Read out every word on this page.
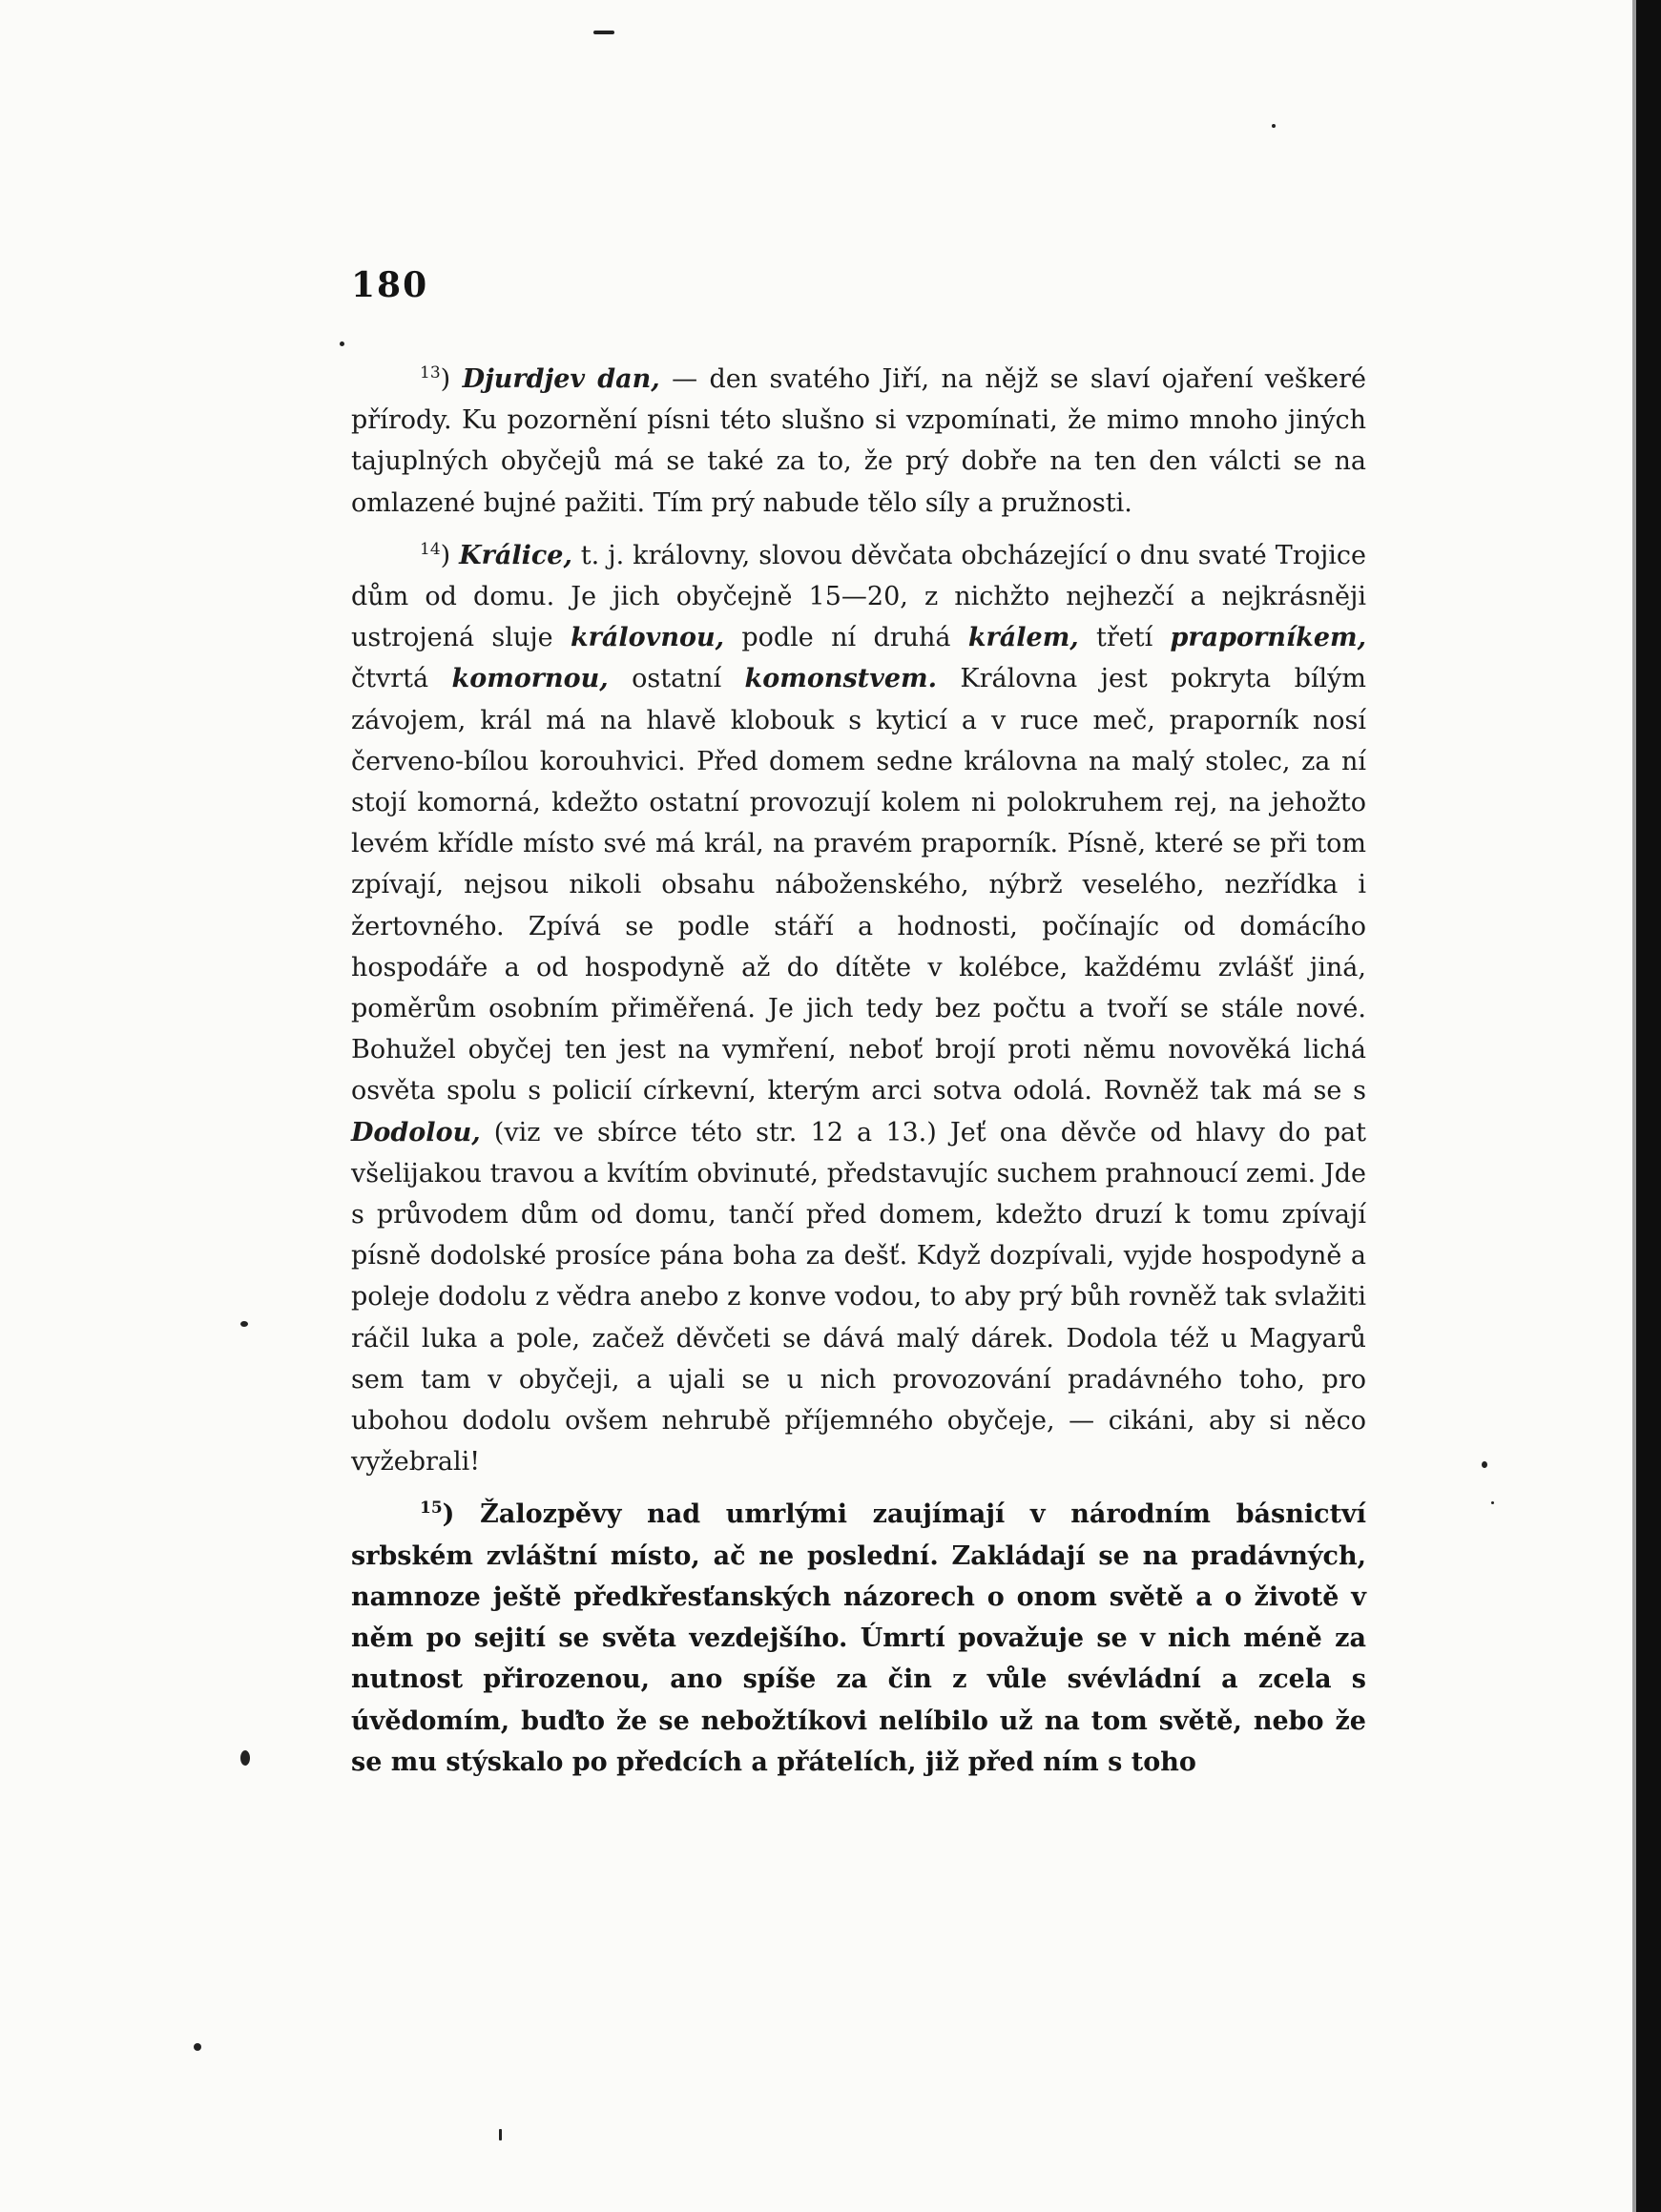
180

$^{13}$) Djurdjev dan, — den svatého Jiří, na nějž se slaví ojaření veškeré přírody. Ku pozornění písni této slušno si vzpomínati, že mimo mnoho jiných tajuplných obyčejů má se také za to, že prý dobře na ten den válcti se na omlazené bujné pažiti. Tím prý nabude tělo síly a pružnosti.

$^{14}$) Králice, t. j. královny, slovou děvčata obcházející o dnu svaté Trojice dům od domu. Je jich obyčejně 15—20, z nichžto nejhezčí a nejkrásněji ustrojená sluje královnou, podle ní druhá králem, třetí praporníkem, čtvrtá komornou, ostatní komonstvem. Královna jest pokryta bílým závojem, král má na hlavě klobouk s kyticí a v ruce meč, praporník nosí červeno-bílou korouhvici. Před domem sedne královna na malý stolec, za ní stojí komorná, kdežto ostatní provozují kolem ni polokruhem rej, na jehožto levém křídle místo své má král, na pravém praporník. Písně, které se při tom zpívají, nejsou nikoli obsahu náboženského, nýbrž veselého, nezřídka i žertovného. Zpívá se podle stáří a hodnosti, počínajíc od domácího hospodáře a od hospodyně až do dítěte v kolébce, každému zvlášť jiná, poměrům osobním přiměřená. Je jich tedy bez počtu a tvoří se stále nové. Bohužel obyčej ten jest na vymření, neboť brojí proti němu novověká lichá osvěta spolu s policií církevní, kterým arci sotva odolá. Rovněž tak má se s Dodolou, (viz ve sbírce této str. 12 a 13.) Jeť ona děvče od hlavy do pat všelijakou travou a kvítím obvinuté, představujíc suchem prahnoucí zemi. Jde s průvodem dům od domu, tančí před domem, kdežto druzí k tomu zpívají písně dodolské prosíce pána boha za dešť. Když dozpívali, vyjde hospodyně a poleje dodolu z vědra anebo z konve vodou, to aby prý bůh rovněž tak svlažiti ráčil luka a pole, začež děvčeti se dává malý dárek. Dodola též u Magyarů sem tam v obyčeji, a ujali se u nich provozování pradávného toho, pro ubohou dodolu ovšem nehrubě příjemného obyčeje, — cikáni, aby si něco vyžebrali!

$^{15}$) Žalozpěvy nad umrlými zaujímají v národním básnictví srbském zvláštní místo, ač ne poslední. Zakládají se na pradávných, namnoze ještě předkřesťanských názorech o onom světě a o životě v něm po sejití se světa vezdejšího. Úmrtí považuje se v nich méně za nutnost přirozenou, ano spíše za čin z vůle svévládní a zcela s úvědomím, buďto že se nebožtíkovi nelíbilo už na tom světě, nebo že se mu stýskalo po předcích a přátelích, již před ním s toho
